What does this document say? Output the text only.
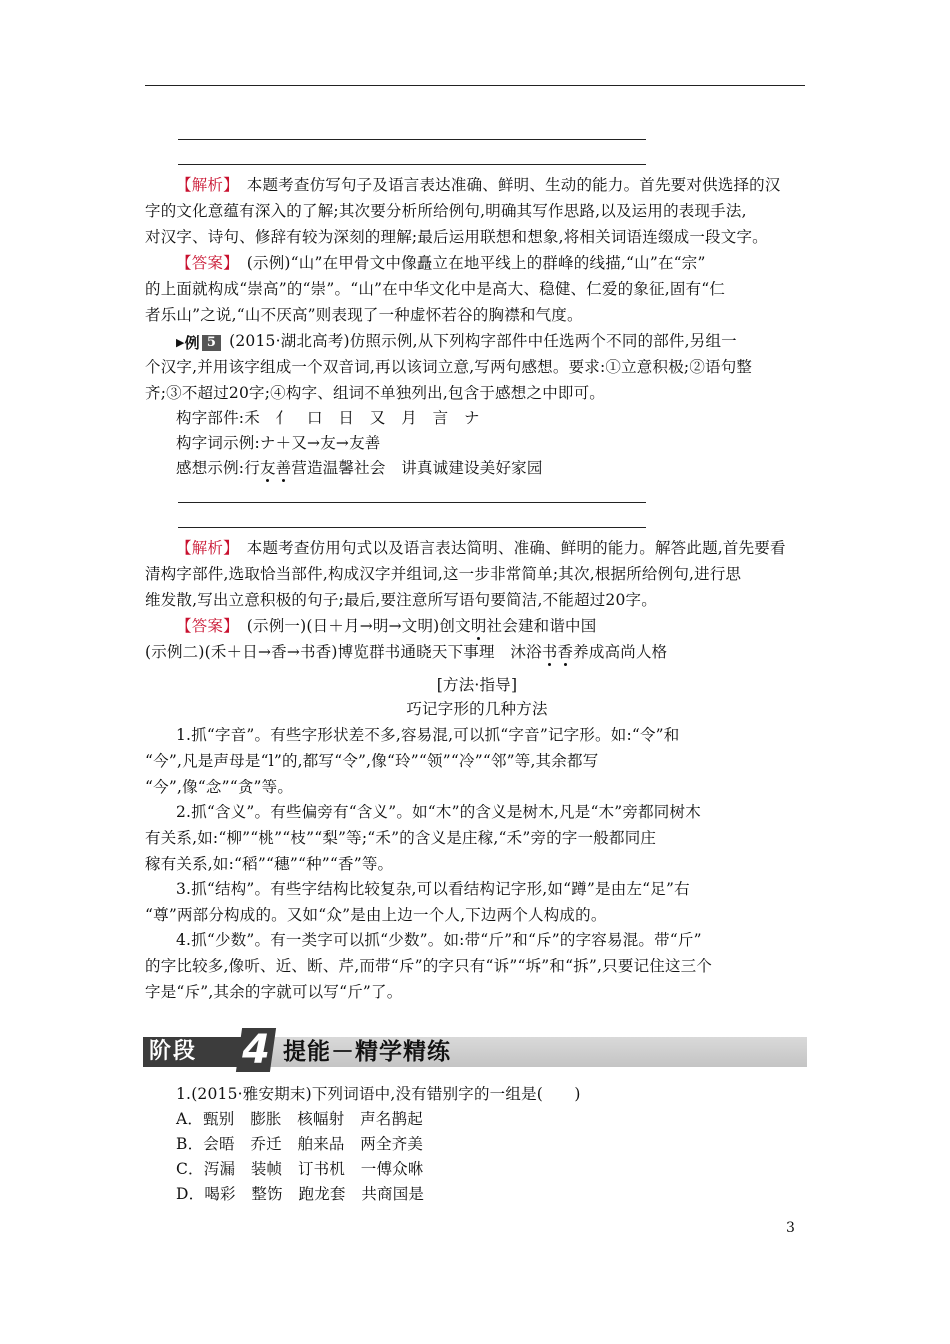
【解析】　 本题考查仿写句子及语言表达准确、鲜明、生动的能力。首先要对供选择的汉
字的文化意蕴有深入的了解;其次要分析所给例句,明确其写作思路,以及运用的表现手法,
对汉字、诗句、修辞有较为深刻的理解;最后运用联想和想象,将相关词语连缀成一段文字。
【答案】　 (示例)“山”在甲骨文中像矗立在地平线上的群峰的线描,“山”在“宗”
的上面就构成“崇高”的“崇”。“山”在中华文化中是高大、稳健、仁爱的象征,固有“仁
者乐山”之说,“山不厌高”则表现了一种虚怀若谷的胸襟和气度。
▶例 5 (2015·湖北高考)仿照示例,从下列构字部件中任选两个不同的部件,另组一
个汉字,并用该字组成一个双音词,再以该词立意,写两句感想。要求:①立意积极;②语句整
齐;③不超过20字;④构字、组词不单独列出,包含于感想之中即可。
构字部件:禾　亻　口　日　又　月　言　ナ
构字词示例:ナ＋又→友→友善
感想示例:行友善营造温馨社会　讲真诚建设美好家园
【解析】　 本题考查仿用句式以及语言表达简明、准确、鲜明的能力。解答此题,首先要看
清构字部件,选取恰当部件,构成汉字并组词,这一步非常简单;其次,根据所给例句,进行思
维发散,写出立意积极的句子;最后,要注意所写语句要简洁,不能超过20字。
【答案】　 (示例一)(日＋月→明→文明)创文明社会建和谐中国
(示例二)(禾＋日→香→书香)博览群书通晓天下事理　沐浴书香养成高尚人格
[方法·指导]
巧记字形的几种方法
1.抓“字音”。有些字形状差不多,容易混,可以抓“字音”记字形。如:“令”和
“今”,凡是声母是“l”的,都写“令”,像“玲”“领”“冷”“邻”等,其余都写
“今”,像“念”“贪”等。
2.抓“含义”。有些偏旁有“含义”。如“木”的含义是树木,凡是“木”旁都同树木
有关系,如:“柳”“桃”“枝”“梨”等;“禾”的含义是庄稼,“禾”旁的字一般都同庄
稼有关系,如:“稻”“穗”“种”“香”等。
3.抓“结构”。有些字结构比较复杂,可以看结构记字形,如“蹲”是由左“足”右
“尊”两部分构成的。又如“众”是由上边一个人,下边两个人构成的。
4.抓“少数”。有一类字可以抓“少数”。如:带“斤”和“斥”的字容易混。带“斤”
的字比较多,像听、近、断、芹,而带“斥”的字只有“诉”“坼”和“拆”,只要记住这三个
字是“斥”,其余的字就可以写“斤”了。
阶段 4 提能－精学精练
1.(2015·雅安期末)下列词语中,没有错别字的一组是(　　)
A．甄别　膨胀　核幅射　声名鹊起
B．会晤　乔迁　舶来品　两全齐美
C．泻漏　装帧　订书机　一傅众咻
D．喝彩　整饬　跑龙套　共商国是
3
